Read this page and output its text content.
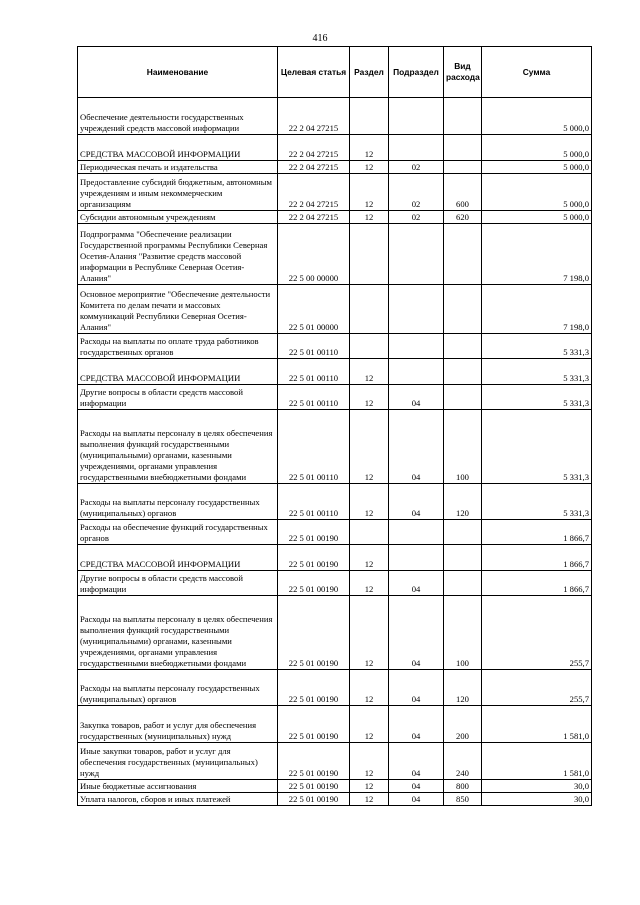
416
Наименование	Целевая статья	Раздел	Подраздел	Вид расхода	Сумма
Обеспечение деятельности государственных учреждений средств массовой информации	22 2 04 27215				5 000,0
СРЕДСТВА МАССОВОЙ ИНФОРМАЦИИ	22 2 04 27215	12			5 000,0
Периодическая печать и издательства	22 2 04 27215	12	02		5 000,0
Предоставление субсидий бюджетным, автономным учреждениям и иным некоммерческим организациям	22 2 04 27215	12	02	600	5 000,0
Субсидии автономным учреждениям	22 2 04 27215	12	02	620	5 000,0
Подпрограмма "Обеспечение реализации Государственной программы Республики Северная Осетия-Алания "Развитие средств массовой информации в Республике Северная Осетия-Алания"	22 5 00 00000				7 198,0
Основное мероприятие "Обеспечение деятельности Комитета по делам печати и массовых коммуникаций Республики Северная Осетия-Алания"	22 5 01 00000				7 198,0
Расходы на выплаты по оплате труда работников государственных органов	22 5 01 00110				5 331,3
СРЕДСТВА МАССОВОЙ ИНФОРМАЦИИ	22 5 01 00110	12			5 331,3
Другие вопросы в области средств массовой информации	22 5 01 00110	12	04		5 331,3
Расходы на выплаты персоналу в целях обеспечения выполнения функций государственными (муниципальными) органами, казенными учреждениями, органами управления государственными внебюджетными фондами	22 5 01 00110	12	04	100	5 331,3
Расходы на выплаты персоналу государственных (муниципальных) органов	22 5 01 00110	12	04	120	5 331,3
Расходы на обеспечение функций государственных органов	22 5 01 00190				1 866,7
СРЕДСТВА МАССОВОЙ ИНФОРМАЦИИ	22 5 01 00190	12			1 866,7
Другие вопросы в области средств массовой информации	22 5 01 00190	12	04		1 866,7
Расходы на выплаты персоналу в целях обеспечения выполнения функций государственными (муниципальными) органами, казенными учреждениями, органами управления государственными внебюджетными фондами	22 5 01 00190	12	04	100	255,7
Расходы на выплаты персоналу государственных (муниципальных) органов	22 5 01 00190	12	04	120	255,7
Закупка товаров, работ и услуг для обеспечения государственных (муниципальных) нужд	22 5 01 00190	12	04	200	1 581,0
Иные закупки товаров, работ и услуг для обеспечения государственных (муниципальных) нужд	22 5 01 00190	12	04	240	1 581,0
Иные бюджетные ассигнования	22 5 01 00190	12	04	800	30,0
Уплата налогов, сборов и иных платежей	22 5 01 00190	12	04	850	30,0
